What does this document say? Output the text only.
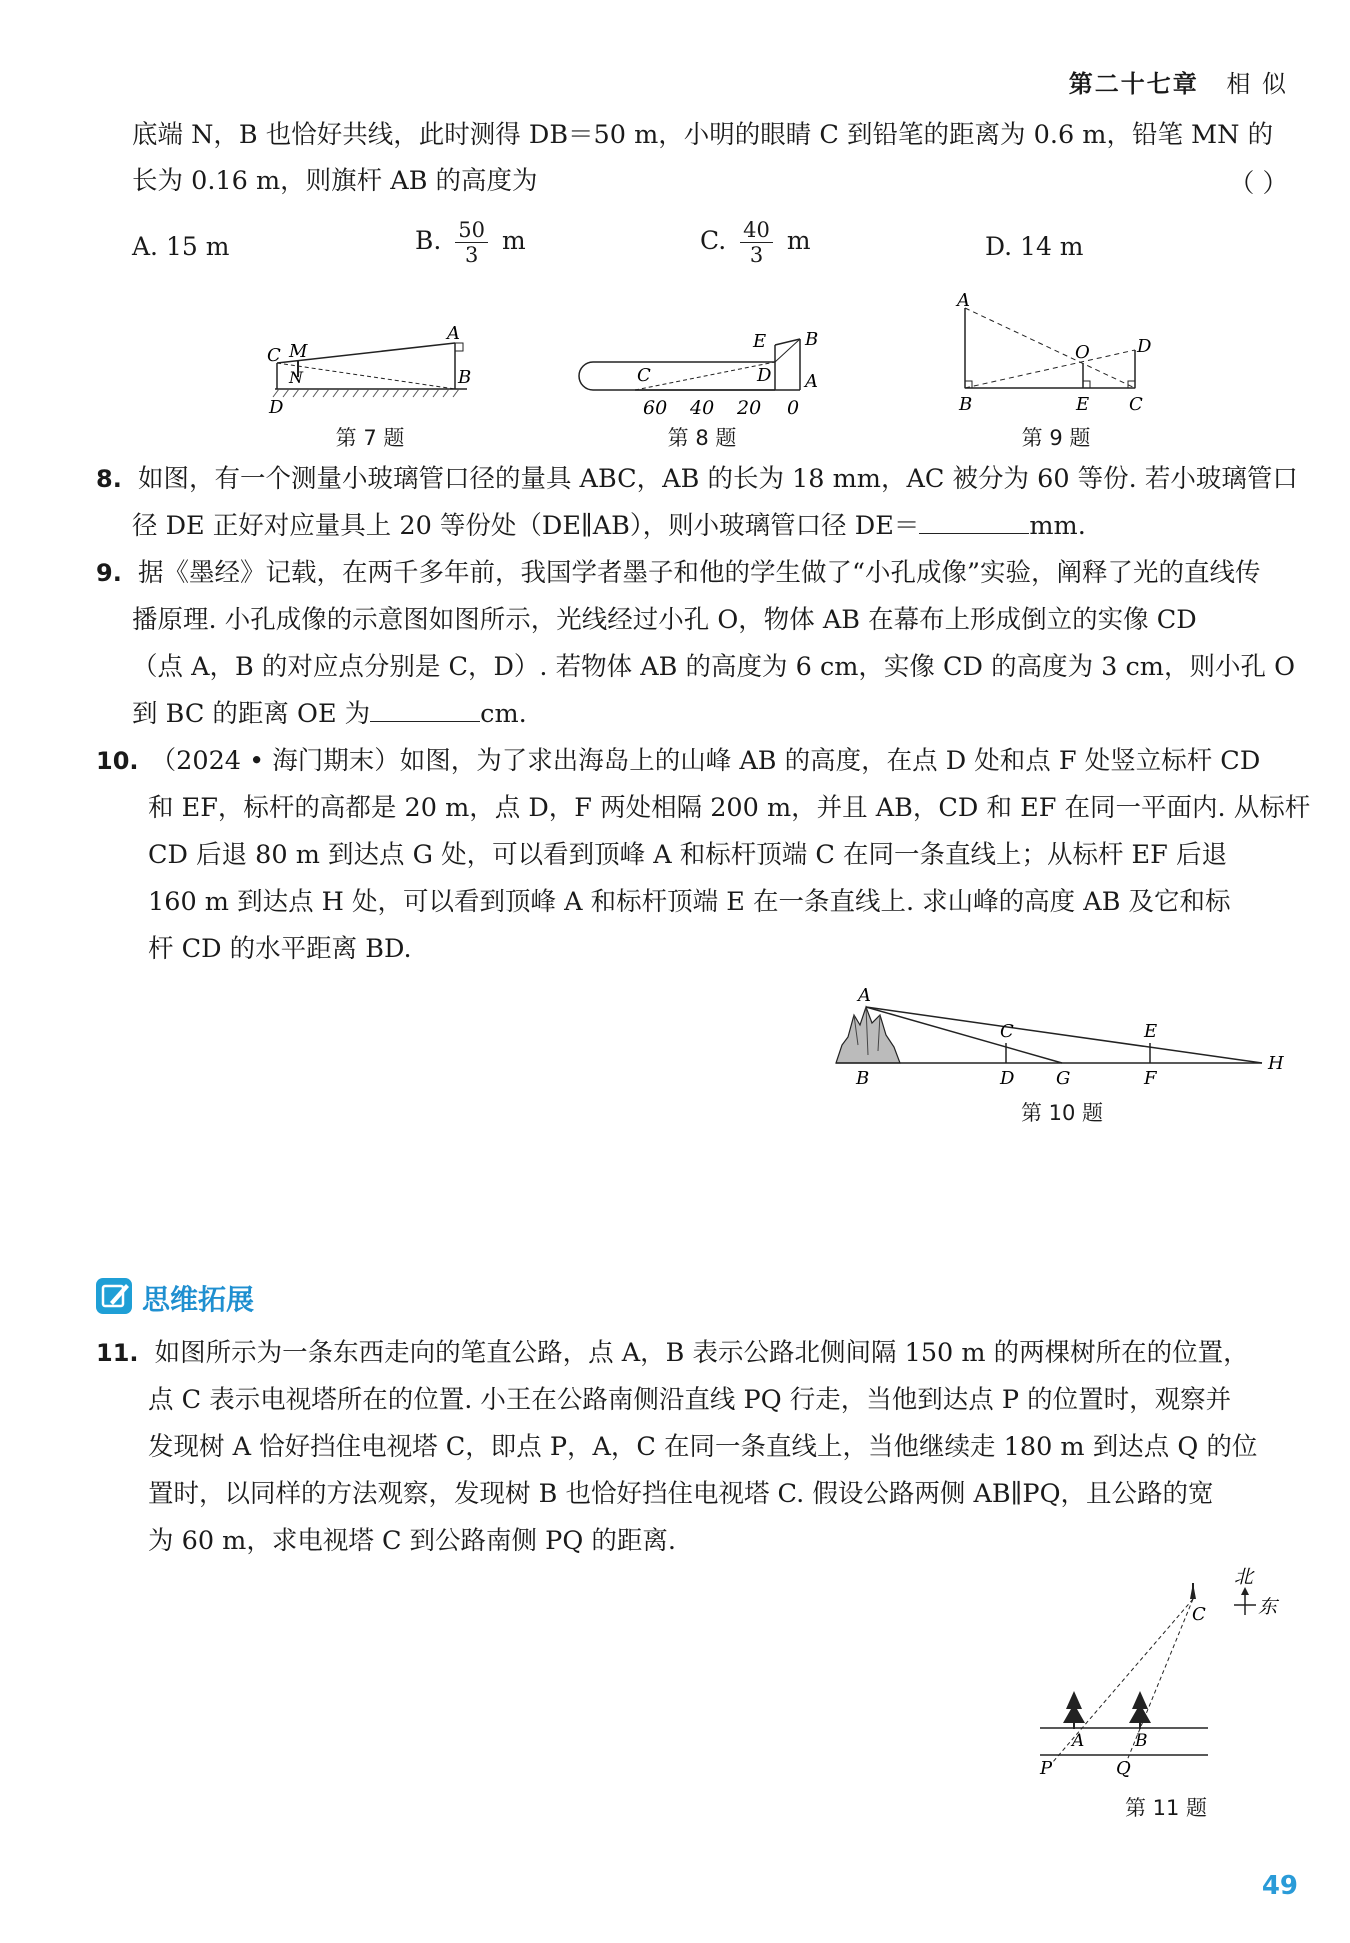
第二十七章 相 似
底端 N，B 也恰好共线，此时测得 DB＝50 m，小明的眼睛 C 到铅笔的距离为 0.6 m，铅笔 MN 的
长为 0.16 m，则旗杆 AB 的高度为	（ ）
A. 15 m	B. $\frac{50}{3}$ m	C. $\frac{40}{3}$ m	D. 14 m
C M
N
D
A
B
第 7 题
C	D
E B
A
60 40 20 0
第 8 题
A
O	D
B	E C
第 9 题
8. 如图，有一个测量小玻璃管口径的量具 ABC，AB 的长为 18 mm，AC 被分为 60 等份. 若小玻璃管口
径 DE 正好对应量具上 20 等份处（DE∥AB），则小玻璃管口径 DE＝	mm.
9. 据《墨经》记载，在两千多年前，我国学者墨子和他的学生做了“小孔成像”实验，阐释了光的直线传
播原理. 小孔成像的示意图如图所示，光线经过小孔 O，物体 AB 在幕布上形成倒立的实像 CD
（点 A，B 的对应点分别是 C，D）. 若物体 AB 的高度为 6 cm，实像 CD 的高度为 3 cm，则小孔 O
到 BC 的距离 OE 为	cm.
10. （2024 • 海门期末）如图，为了求出海岛上的山峰 AB 的高度，在点 D 处和点 F 处竖立标杆 CD
和 EF，标杆的高都是 20 m，点 D，F 两处相隔 200 m，并且 AB，CD 和 EF 在同一平面内. 从标杆
CD 后退 80 m 到达点 G 处，可以看到顶峰 A 和标杆顶端 C 在同一条直线上；从标杆 EF 后退
160 m 到达点 H 处，可以看到顶峰 A 和标杆顶端 E 在一条直线上. 求山峰的高度 AB 及它和标
杆 CD 的水平距离 BD.
A
C	E
B	D G	F
H
第 10 题
思维拓展
11. 如图所示为一条东西走向的笔直公路，点 A，B 表示公路北侧间隔 150 m 的两棵树所在的位置，
点 C 表示电视塔所在的位置. 小王在公路南侧沿直线 PQ 行走，当他到达点 P 的位置时，观察并
发现树 A 恰好挡住电视塔 C，即点 P，A，C 在同一条直线上，当他继续走 180 m 到达点 Q 的位
置时，以同样的方法观察，发现树 B 也恰好挡住电视塔 C. 假设公路两侧 AB∥PQ，且公路的宽
为 60 m，求电视塔 C 到公路南侧 PQ 的距离.
C
A	B
P	Q
北
东
第 11 题
49
